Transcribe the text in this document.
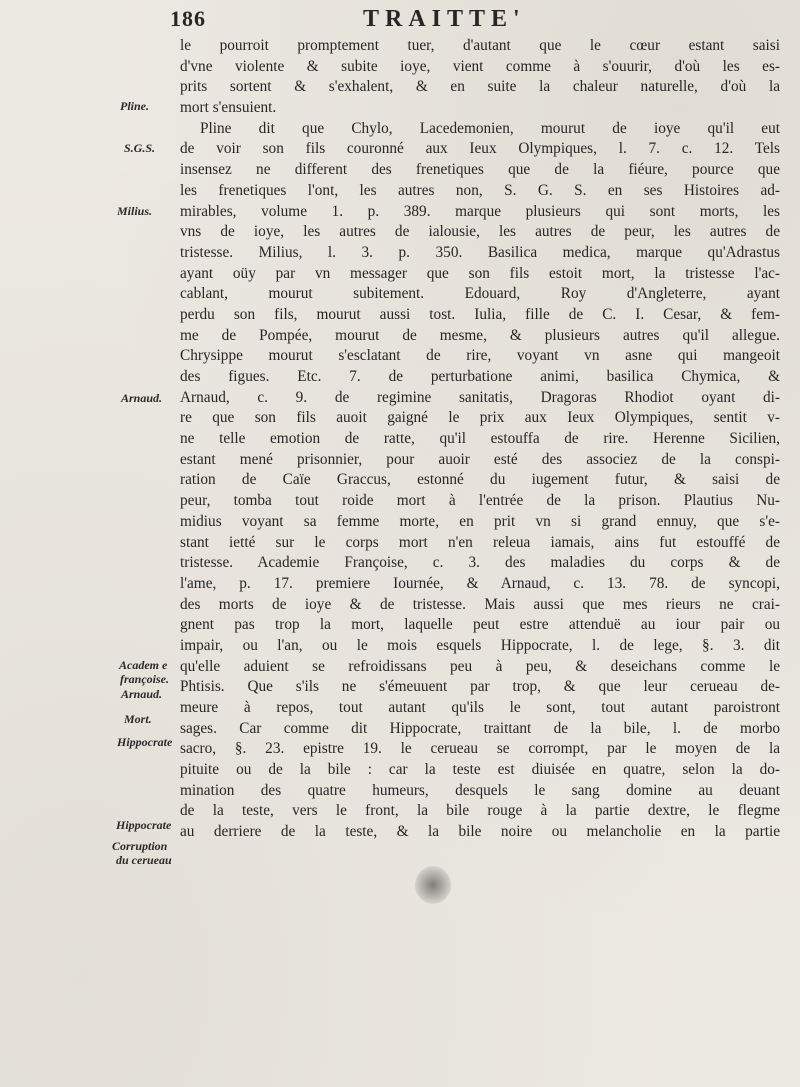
186	TRAITTE'
Pline.
S.G.S.
Milius.
Arnaud.
Academ e
françoise.
Arnaud.
Mort.
Hippocrate
Hippocrate
Corruption
du cerueau
le pourroit promptement tuer, d'autant que le cœur estant saisi
d'vne violente & subite ioye, vient comme à s'ouurir, d'où les es-
prits sortent & s'exhalent, & en suite la chaleur naturelle, d'où la
mort s'ensuient.
Pline dit que Chylo, Lacedemonien, mourut de ioye qu'il eut
de voir son fils couronné aux Ieux Olympiques, l. 7. c. 12. Tels
insensez ne different des frenetiques que de la fiéure, pource que
les frenetiques l'ont, les autres non, S. G. S. en ses Histoires ad-
mirables, volume 1. p. 389. marque plusieurs qui sont morts, les
vns de ioye, les autres de ialousie, les autres de peur, les autres de
tristesse. Milius, l. 3. p. 350. Basilica medica, marque qu'Adrastus
ayant oüy par vn messager que son fils estoit mort, la tristesse l'ac-
cablant, mourut subitement. Edouard, Roy d'Angleterre, ayant
perdu son fils, mourut aussi tost. Iulia, fille de C. I. Cesar, & fem-
me de Pompée, mourut de mesme, & plusieurs autres qu'il allegue.
Chrysippe mourut s'esclatant de rire, voyant vn asne qui mangeoit
des figues. Etc. 7. de perturbatione animi, basilica Chymica, &
Arnaud, c. 9. de regimine sanitatis, Dragoras Rhodiot oyant di-
re que son fils auoit gaigné le prix aux Ieux Olympiques, sentit v-
ne telle emotion de ratte, qu'il estouffa de rire. Herenne Sicilien,
estant mené prisonnier, pour auoir esté des associez de la conspi-
ration de Caïe Graccus, estonné du iugement futur, & saisi de
peur, tomba tout roide mort à l'entrée de la prison. Plautius Nu-
midius voyant sa femme morte, en prit vn si grand ennuy, que s'e-
stant ietté sur le corps mort n'en releua iamais, ains fut estouffé de
tristesse. Academie Françoise, c. 3. des maladies du corps & de
l'ame, p. 17. premiere Iournée, & Arnaud, c. 13. 78. de syncopi,
des morts de ioye & de tristesse. Mais aussi que mes rieurs ne crai-
gnent pas trop la mort, laquelle peut estre attenduë au iour pair ou
impair, ou l'an, ou le mois esquels Hippocrate, l. de lege, §. 3. dit
qu'elle aduient se refroidissans peu à peu, & deseichans comme le
Phtisis. Que s'ils ne s'émeuuent par trop, & que leur cerueau de-
meure à repos, tout autant qu'ils le sont, tout autant paroistront
sages. Car comme dit Hippocrate, traittant de la bile, l. de morbo
sacro, §. 23. epistre 19. le cerueau se corrompt, par le moyen de la
pituite ou de la bile : car la teste est diuisée en quatre, selon la do-
mination des quatre humeurs, desquels le sang domine au deuant
de la teste, vers le front, la bile rouge à la partie dextre, le flegme
au derriere de la teste, & la bile noire ou melancholie en la partie
